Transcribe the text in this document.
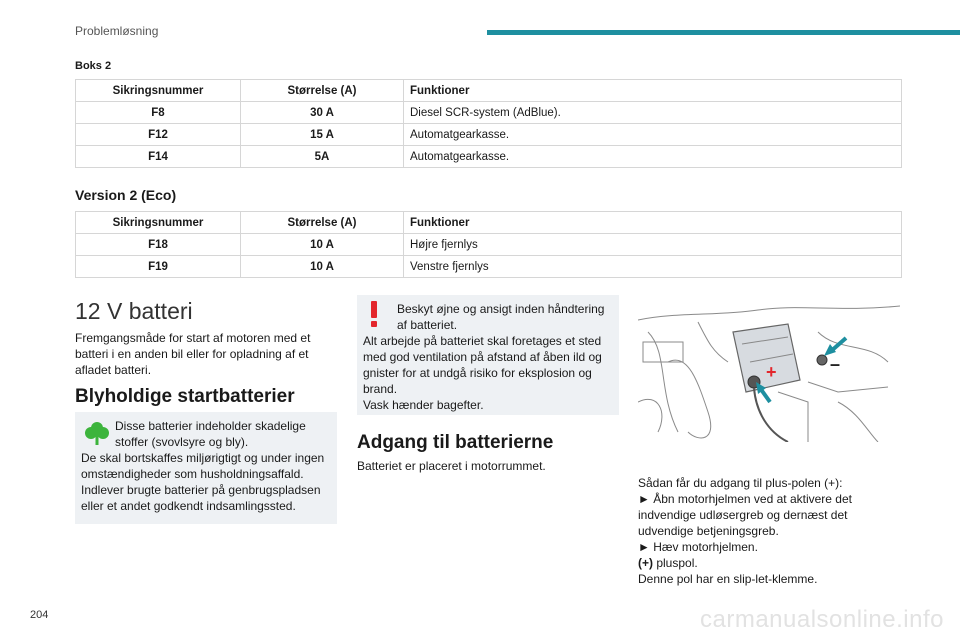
Problemløsning
Boks 2
Sikringsnummer	Størrelse (A)	Funktioner
F8	30 A	Diesel SCR-system (AdBlue).
F12	15 A	Automatgearkasse.
F14	5A	Automatgearkasse.
Version 2 (Eco)
Sikringsnummer	Størrelse (A)	Funktioner
F18	10 A	Højre fjernlys
F19	10 A	Venstre fjernlys
12 V batteri
Fremgangsmåde for start af motoren med et batteri i en anden bil eller for opladning af et afladet batteri.
Blyholdige startbatterier
Disse batterier indeholder skadelige stoffer (svovlsyre og bly).
De skal bortskaffes miljørigtigt og under ingen omstændigheder som husholdningsaffald. Indlever brugte batterier på genbrugspladsen eller et andet godkendt indsamlingssted.
Beskyt øjne og ansigt inden håndtering af batteriet.
Alt arbejde på batteriet skal foretages et sted med god ventilation på afstand af åben ild og gnister for at undgå risiko for eksplosion og brand.
Vask hænder bagefter.
Adgang til batterierne
Batteriet er placeret i motorrummet.
+	–
Sådan får du adgang til plus-polen (+):
► Åbn motorhjelmen ved at aktivere det indvendige udløsergreb og dernæst det udvendige betjeningsgreb.
► Hæv motorhjelmen.
(+) pluspol.
Denne pol har en slip-let-klemme.
204	carmanualsonline.info
